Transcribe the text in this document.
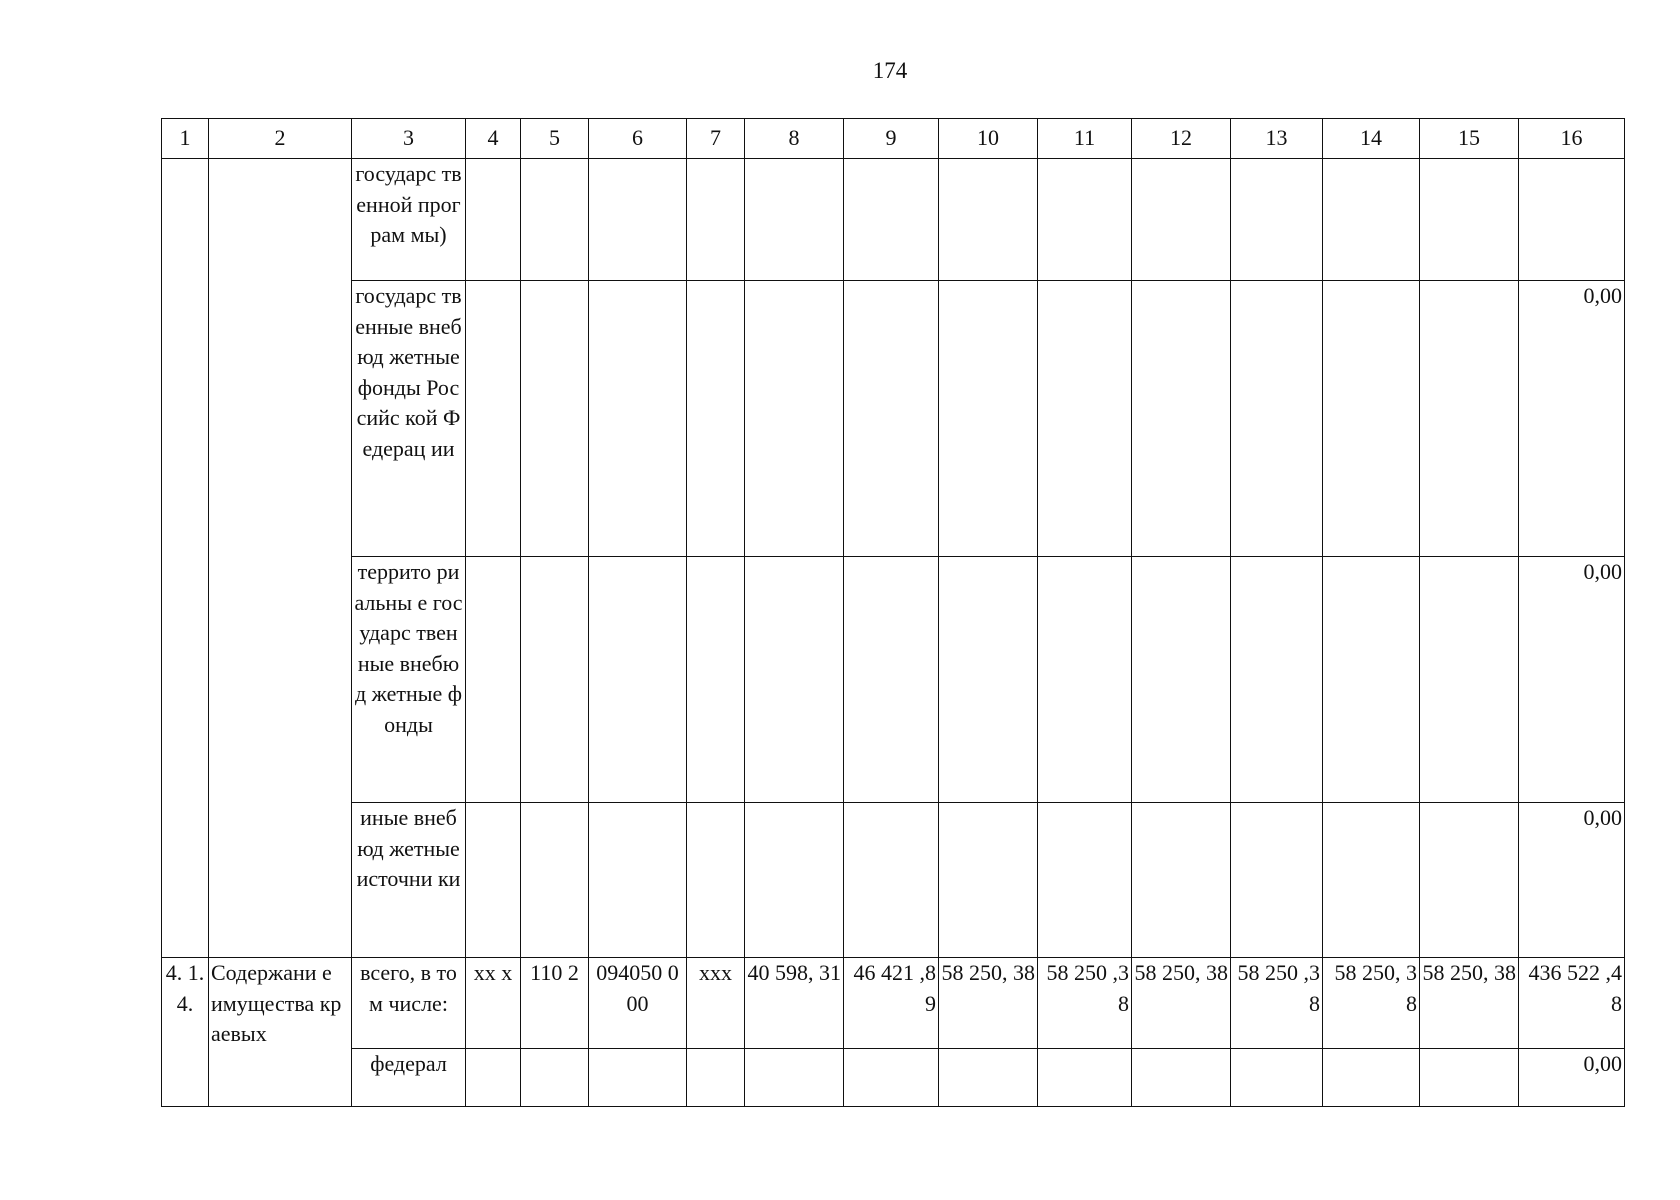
174
1	2	3	4	5	6	7	8	9	10	11	12	13	14	15	16
		государс твенной програм мы)													
		государс твенные внебюд жетные фонды Российс кой Федерац ии													0,00
		террито риальны е государс твенные внебюд жетные фонды													0,00
		иные внебюд жетные источни ки													0,00
4. 1. 4.	Содержани е имущества краевых	всего, в том числе:	хх х	110 2	094050 000	ххх	40 598, 31	46 421 ,89	58 250, 38	58 250 ,38	58 250, 38	58 250 ,38	58 250, 38	58 250, 38	436 522 ,48
		федерал													0,00
